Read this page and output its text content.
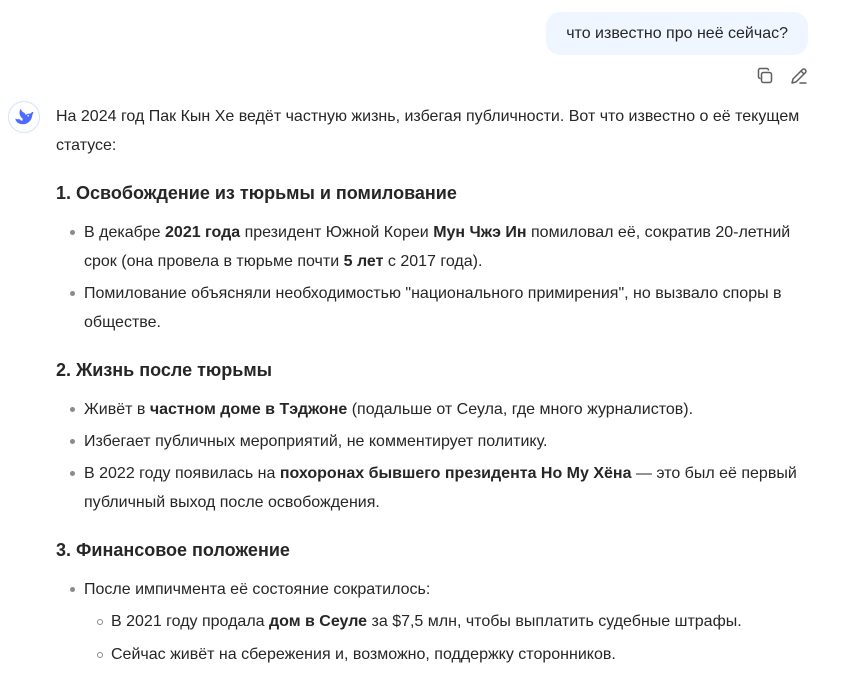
что известно про неё сейчас?

На 2024 год Пак Кын Хе ведёт частную жизнь, избегая публичности. Вот что известно о её текущем статусе:

1. Освобождение из тюрьмы и помилование
В декабре 2021 года президент Южной Кореи Мун Чжэ Ин помиловал её, сократив 20-летний срок (она провела в тюрьме почти 5 лет с 2017 года).
Помилование объясняли необходимостью "национального примирения", но вызвало споры в обществе.
2. Жизнь после тюрьмы
Живёт в частном доме в Тэджоне (подальше от Сеула, где много журналистов).
Избегает публичных мероприятий, не комментирует политику.
В 2022 году появилась на похоронах бывшего президента Но Му Хёна — это был её первый публичный выход после освобождения.
3. Финансовое положение
После импичмента её состояние сократилось:
В 2021 году продала дом в Сеуле за $7,5 млн, чтобы выплатить судебные штрафы.
Сейчас живёт на сбережения и, возможно, поддержку сторонников.
